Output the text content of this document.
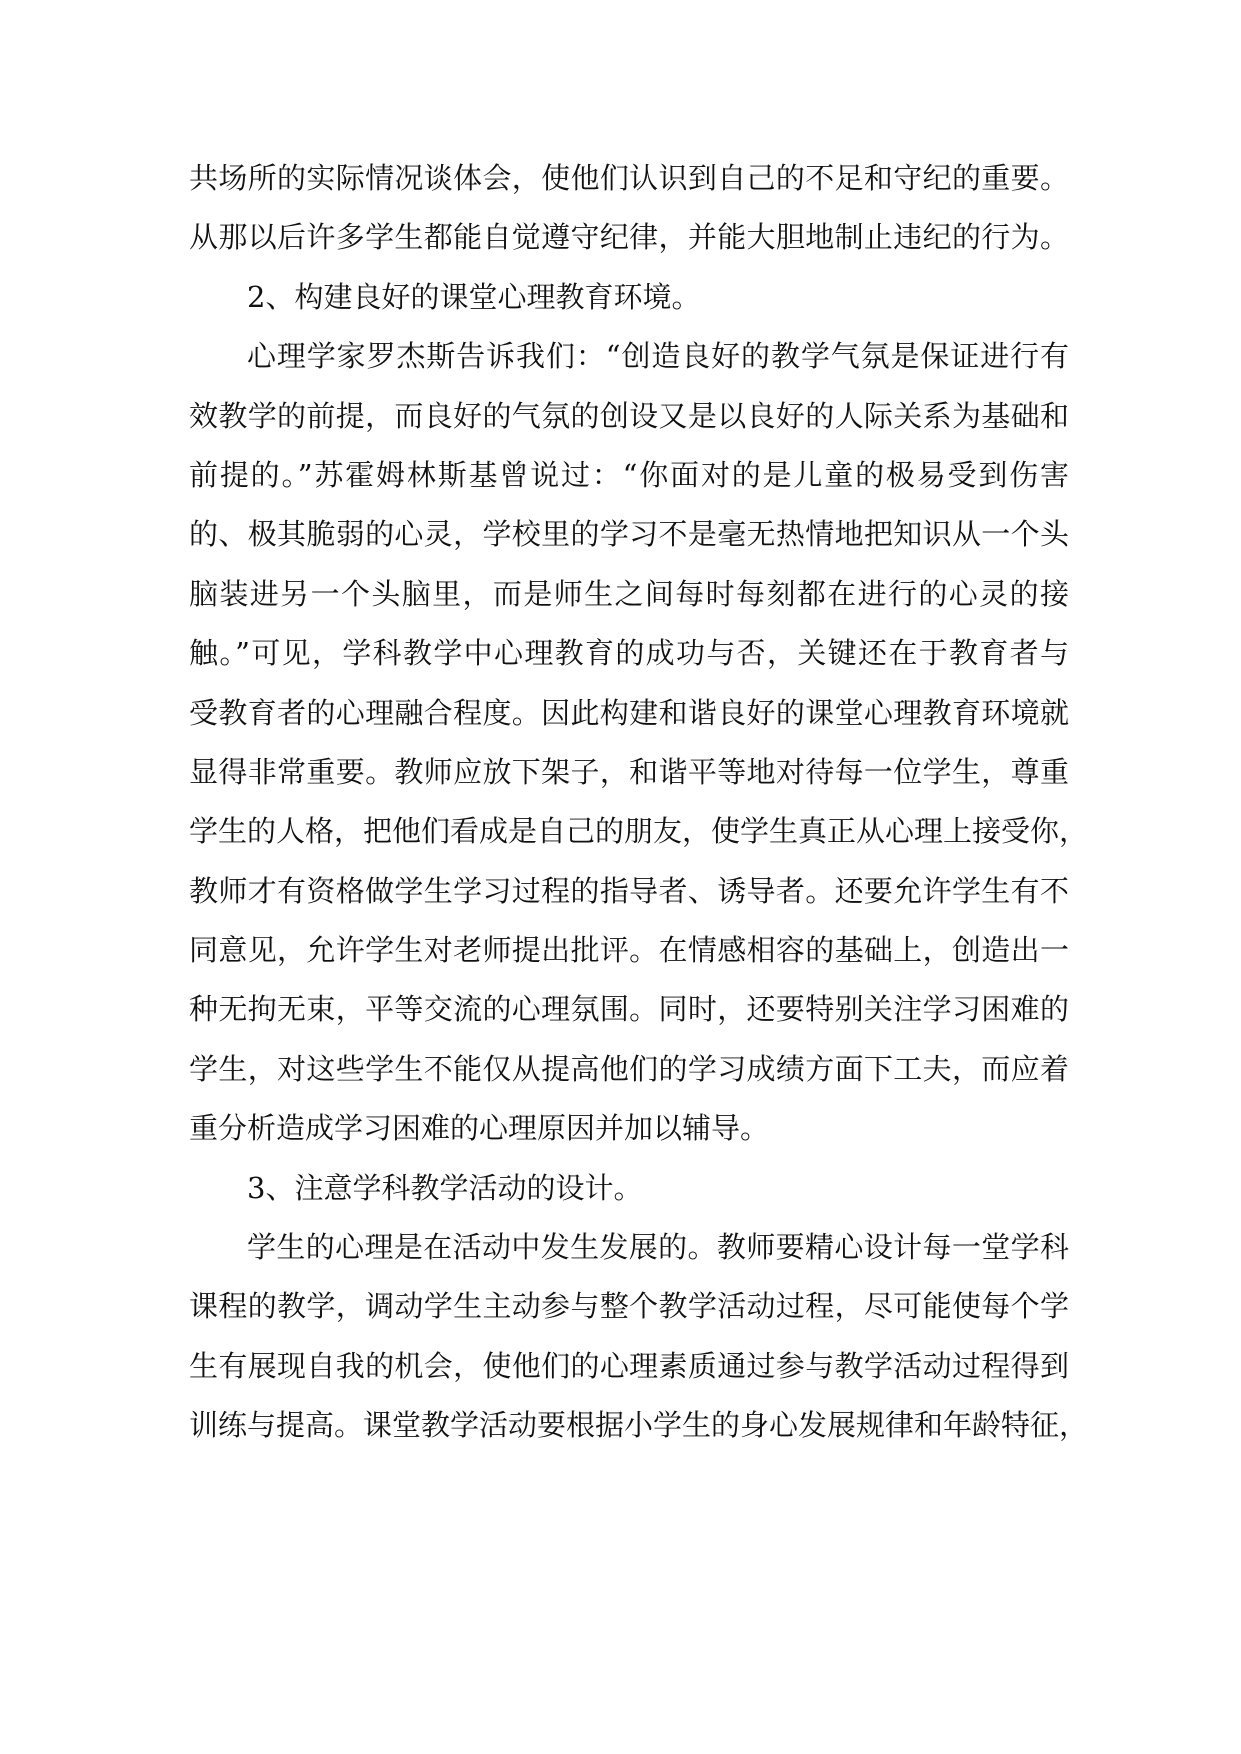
共场所的实际情况谈体会，使他们认识到自己的不足和守纪的重要。
从那以后许多学生都能自觉遵守纪律，并能大胆地制止违纪的行为。
2、构建良好的课堂心理教育环境。
心理学家罗杰斯告诉我们：“创造良好的教学气氛是保证进行有
效教学的前提，而良好的气氛的创设又是以良好的人际关系为基础和
前提的。”苏霍姆林斯基曾说过：“你面对的是儿童的极易受到伤害
的、极其脆弱的心灵，学校里的学习不是毫无热情地把知识从一个头
脑装进另一个头脑里，而是师生之间每时每刻都在进行的心灵的接
触。”可见，学科教学中心理教育的成功与否，关键还在于教育者与
受教育者的心理融合程度。因此构建和谐良好的课堂心理教育环境就
显得非常重要。教师应放下架子，和谐平等地对待每一位学生，尊重
学生的人格，把他们看成是自己的朋友，使学生真正从心理上接受你，
教师才有资格做学生学习过程的指导者、诱导者。还要允许学生有不
同意见，允许学生对老师提出批评。在情感相容的基础上，创造出一
种无拘无束，平等交流的心理氛围。同时，还要特别关注学习困难的
学生，对这些学生不能仅从提高他们的学习成绩方面下工夫，而应着
重分析造成学习困难的心理原因并加以辅导。
3、注意学科教学活动的设计。
学生的心理是在活动中发生发展的。教师要精心设计每一堂学科
课程的教学，调动学生主动参与整个教学活动过程，尽可能使每个学
生有展现自我的机会，使他们的心理素质通过参与教学活动过程得到
训练与提高。课堂教学活动要根据小学生的身心发展规律和年龄特征，
